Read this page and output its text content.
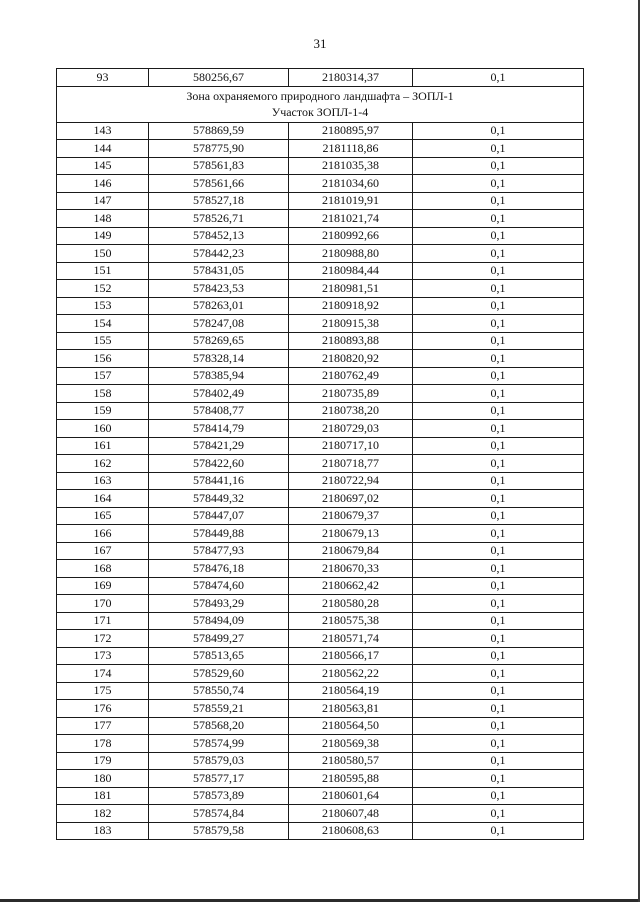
31
93	580256,67	2180314,37	0,1

Зона охраняемого природного ландшафта – ЗОПЛ-1
Участок ЗОПЛ-1-4			

143	578869,59	2180895,97	0,1
144	578775,90	2181118,86	0,1
145	578561,83	2181035,38	0,1
146	578561,66	2181034,60	0,1
147	578527,18	2181019,91	0,1
148	578526,71	2181021,74	0,1
149	578452,13	2180992,66	0,1
150	578442,23	2180988,80	0,1
151	578431,05	2180984,44	0,1
152	578423,53	2180981,51	0,1
153	578263,01	2180918,92	0,1
154	578247,08	2180915,38	0,1
155	578269,65	2180893,88	0,1
156	578328,14	2180820,92	0,1
157	578385,94	2180762,49	0,1
158	578402,49	2180735,89	0,1
159	578408,77	2180738,20	0,1
160	578414,79	2180729,03	0,1
161	578421,29	2180717,10	0,1
162	578422,60	2180718,77	0,1
163	578441,16	2180722,94	0,1
164	578449,32	2180697,02	0,1
165	578447,07	2180679,37	0,1
166	578449,88	2180679,13	0,1
167	578477,93	2180679,84	0,1
168	578476,18	2180670,33	0,1
169	578474,60	2180662,42	0,1
170	578493,29	2180580,28	0,1
171	578494,09	2180575,38	0,1
172	578499,27	2180571,74	0,1
173	578513,65	2180566,17	0,1
174	578529,60	2180562,22	0,1
175	578550,74	2180564,19	0,1
176	578559,21	2180563,81	0,1
177	578568,20	2180564,50	0,1
178	578574,99	2180569,38	0,1
179	578579,03	2180580,57	0,1
180	578577,17	2180595,88	0,1
181	578573,89	2180601,64	0,1
182	578574,84	2180607,48	0,1
183	578579,58	2180608,63	0,1
